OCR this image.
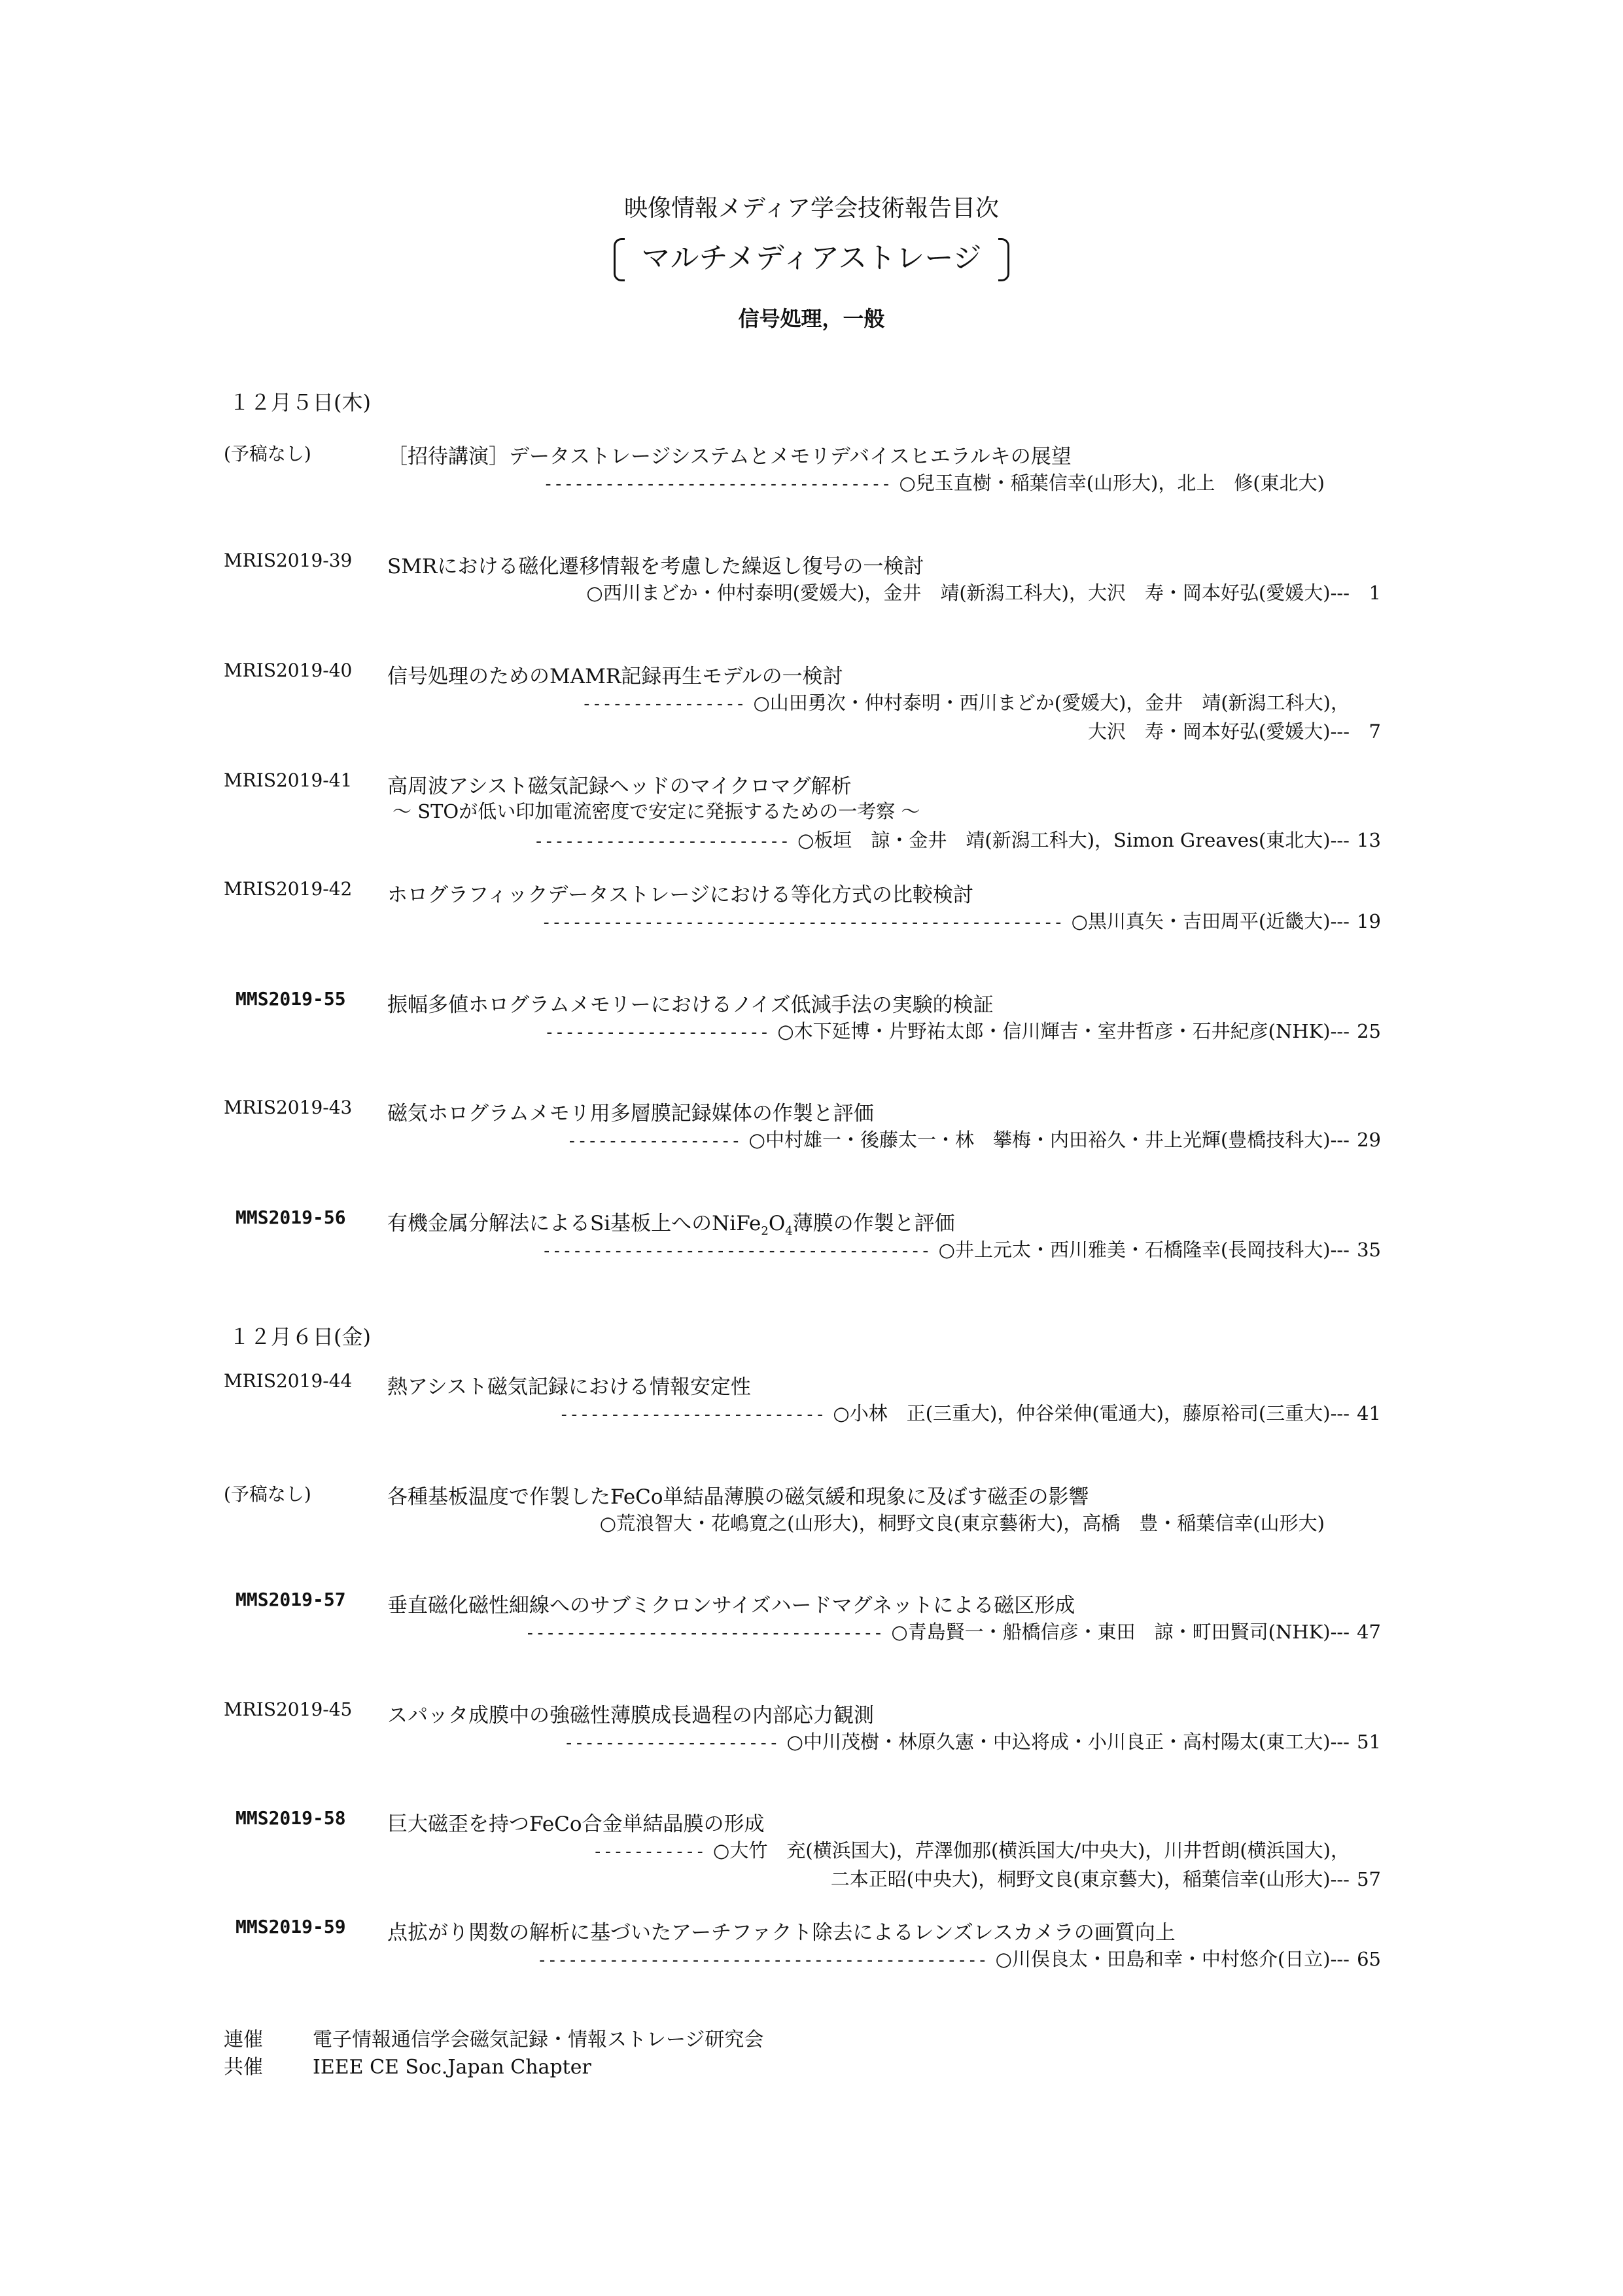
映像情報メディア学会技術報告目次
マルチメディアストレージ
信号処理，一般
１２月５日(木)
(予稿なし)	［招待講演］データストレージシステムとメモリデバイスヒエラルキの展望
---------------------------------- ○兒玉直樹・稲葉信幸(山形大)，北上　修(東北大)
MRIS2019-39 SMRにおける磁化遷移情報を考慮した繰返し復号の一検討
○西川まどか・仲村泰明(愛媛大)，金井　靖(新潟工科大)，大沢　寿・岡本好弘(愛媛大)---	1
MRIS2019-40 信号処理のためのMAMR記録再生モデルの一検討
---------------- ○山田勇次・仲村泰明・西川まどか(愛媛大)，金井　靖(新潟工科大)，
大沢　寿・岡本好弘(愛媛大)---	7
MRIS2019-41 高周波アシスト磁気記録ヘッドのマイクロマグ解析
～ STOが低い印加電流密度で安定に発振するための一考察 ～
------------------------- ○板垣　諒・金井　靖(新潟工科大)，Simon Greaves(東北大)--- 13
MRIS2019-42 ホログラフィックデータストレージにおける等化方式の比較検討
--------------------------------------------------- ○黒川真矢・吉田周平(近畿大)--- 19
MMS2019-55 振幅多値ホログラムメモリーにおけるノイズ低減手法の実験的検証
---------------------- ○木下延博・片野祐太郎・信川輝吉・室井哲彦・石井紀彦(NHK)--- 25
MRIS2019-43 磁気ホログラムメモリ用多層膜記録媒体の作製と評価
----------------- ○中村雄一・後藤太一・林　攀梅・内田裕久・井上光輝(豊橋技科大)--- 29
MMS2019-56 有機金属分解法によるSi基板上への$NiFe_2O_4$薄膜の作製と評価
-------------------------------------- ○井上元太・西川雅美・石橋隆幸(長岡技科大)--- 35
１２月６日(金)
MRIS2019-44 熱アシスト磁気記録における情報安定性
-------------------------- ○小林　正(三重大)，仲谷栄伸(電通大)，藤原裕司(三重大)--- 41
(予稿なし)	各種基板温度で作製したFeCo単結晶薄膜の磁気緩和現象に及ぼす磁歪の影響
○荒浪智大・花嶋寛之(山形大)，桐野文良(東京藝術大)，高橋　豊・稲葉信幸(山形大)
MMS2019-57 垂直磁化磁性細線へのサブミクロンサイズハードマグネットによる磁区形成
----------------------------------- ○青島賢一・船橋信彦・東田　諒・町田賢司(NHK)--- 47
MRIS2019-45 スパッタ成膜中の強磁性薄膜成長過程の内部応力観測
--------------------- ○中川茂樹・林原久憲・中込将成・小川良正・高村陽太(東工大)--- 51
MMS2019-58 巨大磁歪を持つFeCo合金単結晶膜の形成
----------- ○大竹　充(横浜国大)，芹澤伽那(横浜国大/中央大)，川井哲朗(横浜国大)，
二本正昭(中央大)，桐野文良(東京藝大)，稲葉信幸(山形大)--- 57
MMS2019-59 点拡がり関数の解析に基づいたアーチファクト除去によるレンズレスカメラの画質向上
-------------------------------------------- ○川俣良太・田島和幸・中村悠介(日立)--- 65
連催	電子情報通信学会磁気記録・情報ストレージ研究会
共催	IEEE CE Soc.Japan Chapter
